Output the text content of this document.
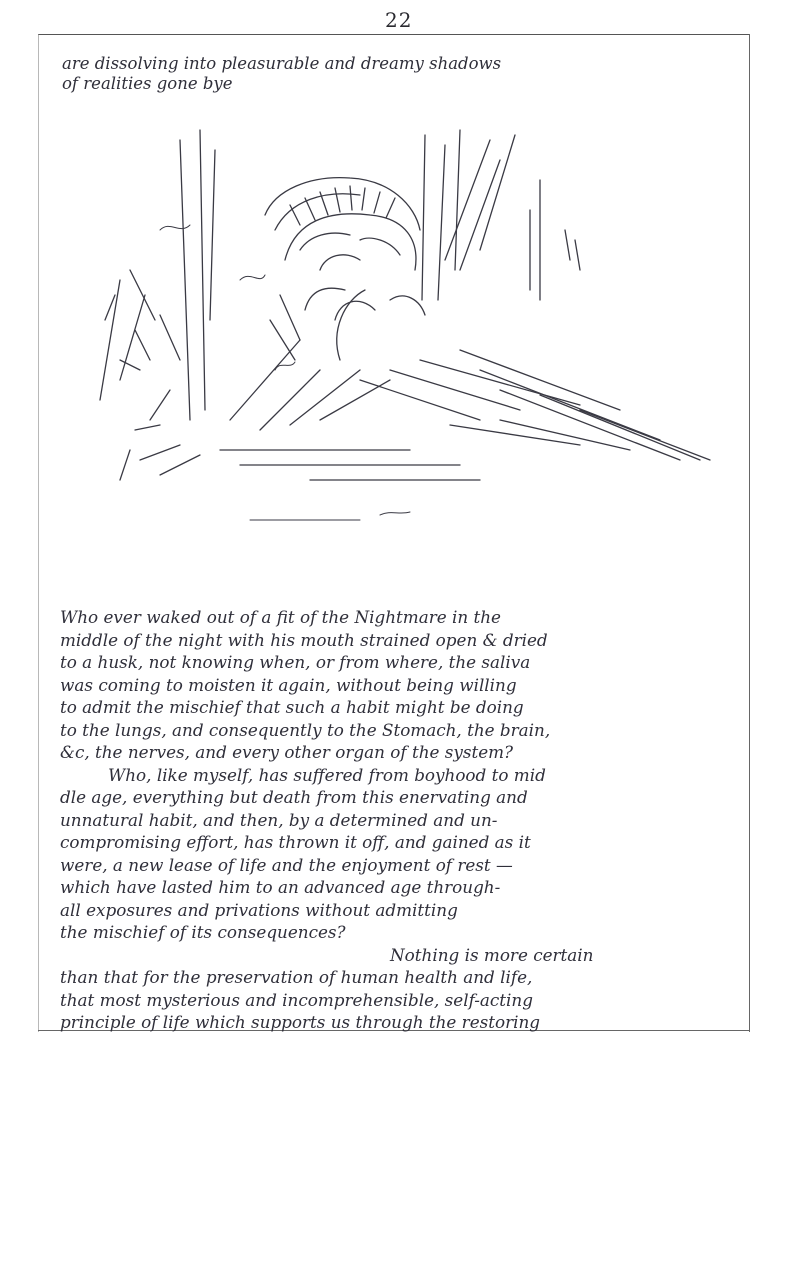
22
are dissolving into pleasurable and dreamy shadows
of realities gone bye
Who ever waked out of a fit of the Nightmare in the
middle of the night with his mouth strained open & dried
to a husk, not knowing when, or from where, the saliva
was coming to moisten it again, without being willing
to admit the mischief that such a habit might be doing
to the lungs, and consequently to the Stomach, the brain,
&c, the nerves, and every other organ of the system?
Who, like myself, has suffered from boyhood to mid
dle age, everything but death from this enervating and
unnatural habit, and then, by a determined and un-
compromising effort, has thrown it off, and gained as it
were, a new lease of life and the enjoyment of rest —
which have lasted him to an advanced age through-
all exposures and privations without admitting
the mischief of its consequences?
Nothing is more certain
than that for the preservation of human health and life,
that most mysterious and incomprehensible, self-acting
principle of life which supports us through the restoring
